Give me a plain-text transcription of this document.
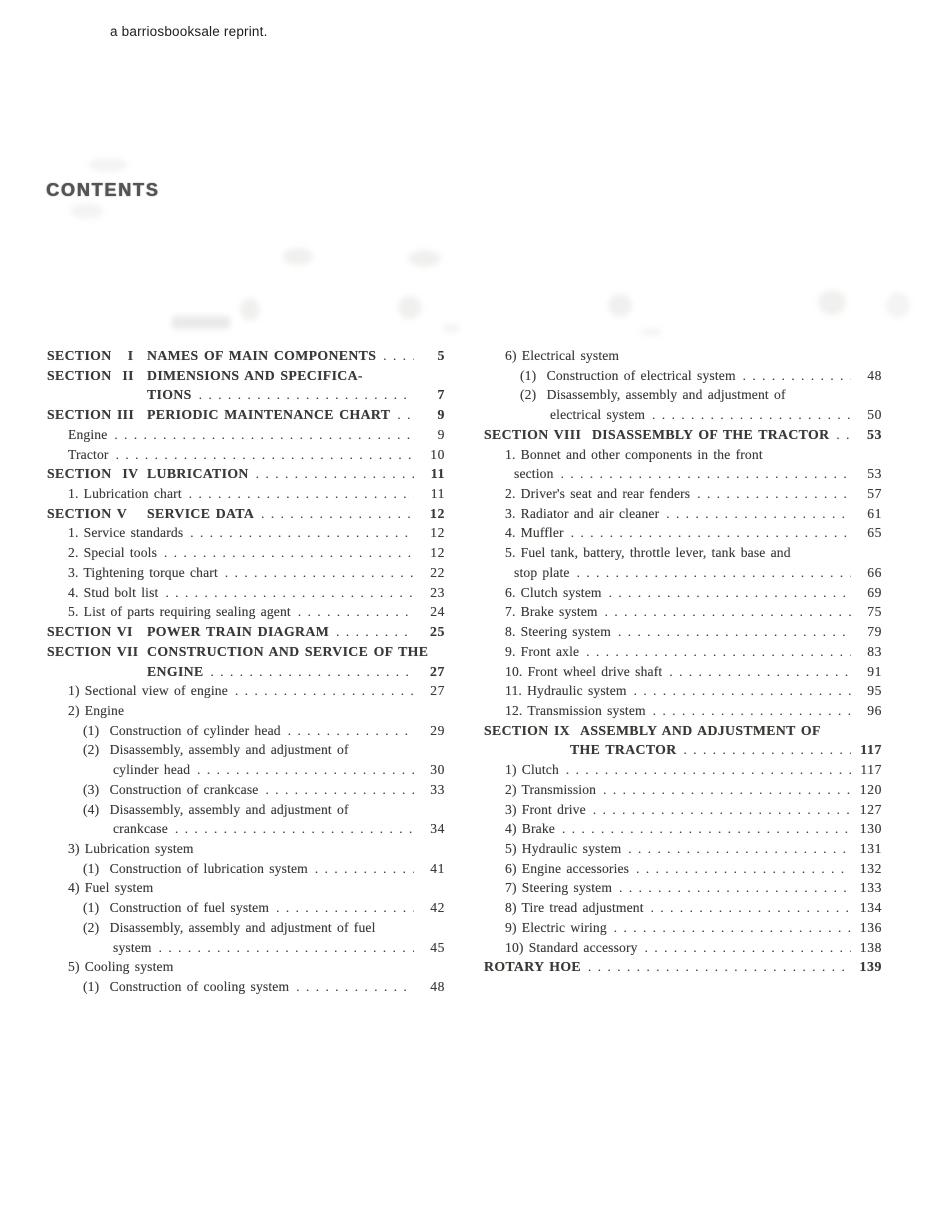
a barriosbooksale reprint.
CONTENTS
SECTION   I NAMES OF MAIN COMPONENTS .....	5
SECTION  II DIMENSIONS AND SPECIFICA-
TIONS .....	7
SECTION III PERIODIC MAINTENANCE CHART .....	9
Engine .....	9
Tractor .....	10
SECTION  IV LUBRICATION .....	11
1. Lubrication chart .....	11
SECTION V	SERVICE DATA .....	12
1. Service standards .....	12
2. Special tools .....	12
3. Tightening torque chart .....	22
4. Stud bolt list .....	23
5. List of parts requiring sealing agent .....	24
SECTION VI	POWER TRAIN DIAGRAM .....	25
SECTION VII CONSTRUCTION AND SERVICE OF THE
ENGINE .....	27
1) Sectional view of engine .....	27
2) Engine
(1)  Construction of cylinder head .....	29
(2)  Disassembly, assembly and adjustment of
cylinder head .....	30
(3)  Construction of crankcase .....	33
(4)  Disassembly, assembly and adjustment of
crankcase .....	34
3) Lubrication system
(1)  Construction of lubrication system .....	41
4) Fuel system
(1)  Construction of fuel system .....	42
(2)  Disassembly, assembly and adjustment of fuel
system .....	45
5) Cooling system
(1)  Construction of cooling system .....	48
6) Electrical system
(1)  Construction of electrical system .....	48
(2)  Disassembly, assembly and adjustment of
electrical system .....	50
SECTION VIII  DISASSEMBLY OF THE TRACTOR .....	53
1. Bonnet and other components in the front
section .....	53
2. Driver's seat and rear fenders .....	57
3. Radiator and air cleaner .....	61
4. Muffler .....	65
5. Fuel tank, battery, throttle lever, tank base and
stop plate .....	66
6. Clutch system .....	69
7. Brake system .....	75
8. Steering system .....	79
9. Front axle .....	83
10. Front wheel drive shaft .....	91
11. Hydraulic system .....	95
12. Transmission system .....	96
SECTION IX  ASSEMBLY AND ADJUSTMENT OF
THE TRACTOR .....	117
1) Clutch .....	117
2) Transmission .....	120
3) Front drive .....	127
4) Brake .....	130
5) Hydraulic system .....	131
6) Engine accessories .....	132
7) Steering system .....	133
8) Tire tread adjustment .....	134
9) Electric wiring .....	136
10) Standard accessory .....	138
ROTARY HOE .....	139
